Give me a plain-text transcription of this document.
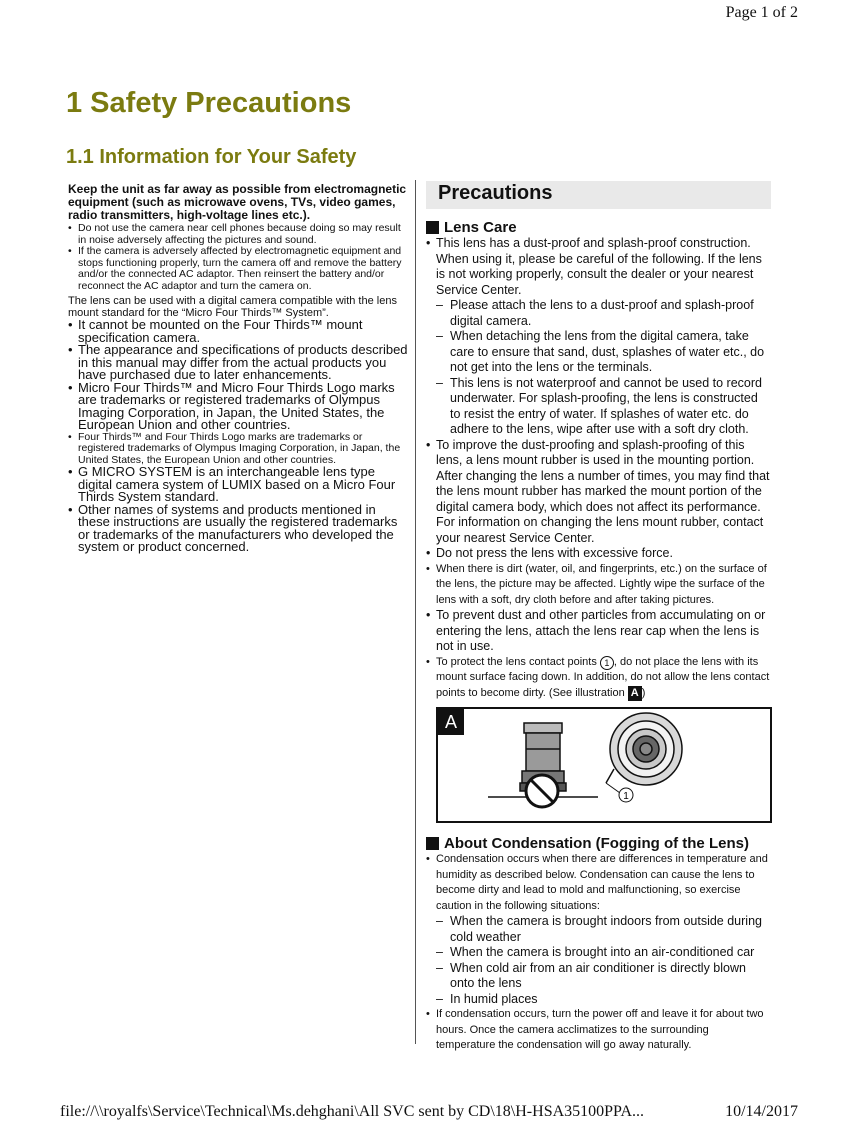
Page 1 of 2
1 Safety Precautions
1.1 Information for Your Safety
Keep the unit as far away as possible from electromagnetic equipment (such as microwave ovens, TVs, video games, radio transmitters, high-voltage lines etc.).
• Do not use the camera near cell phones because doing so may result in noise adversely affecting the pictures and sound.
• If the camera is adversely affected by electromagnetic equipment and stops functioning properly, turn the camera off and remove the battery and/or the connected AC adaptor. Then reinsert the battery and/or reconnect the AC adaptor and turn the camera on.
The lens can be used with a digital camera compatible with the lens mount standard for the “Micro Four Thirds™ System”.
• It cannot be mounted on the Four Thirds™ mount specification camera.
• The appearance and specifications of products described in this manual may differ from the actual products you have purchased due to later enhancements.
• Micro Four Thirds™ and Micro Four Thirds Logo marks are trademarks or registered trademarks of Olympus Imaging Corporation, in Japan, the United States, the European Union and other countries.
• Four Thirds™ and Four Thirds Logo marks are trademarks or registered trademarks of Olympus Imaging Corporation, in Japan, the United States, the European Union and other countries.
• G MICRO SYSTEM is an interchangeable lens type digital camera system of LUMIX based on a Micro Four Thirds System standard.
• Other names of systems and products mentioned in these instructions are usually the registered trademarks or trademarks of the manufacturers who developed the system or product concerned.
Precautions
Lens Care
• This lens has a dust-proof and splash-proof construction. When using it, please be careful of the following. If the lens is not working properly, consult the dealer or your nearest Service Center.
– Please attach the lens to a dust-proof and splash-proof digital camera.
– When detaching the lens from the digital camera, take care to ensure that sand, dust, splashes of water etc., do not get into the lens or the terminals.
– This lens is not waterproof and cannot be used to record underwater. For splash-proofing, the lens is constructed to resist the entry of water. If splashes of water etc. do adhere to the lens, wipe after use with a soft dry cloth.
• To improve the dust-proofing and splash-proofing of this lens, a lens mount rubber is used in the mounting portion. After changing the lens a number of times, you may find that the lens mount rubber has marked the mount portion of the digital camera body, which does not affect its performance. For information on changing the lens mount rubber, contact your nearest Service Center.
• Do not press the lens with excessive force.
• When there is dirt (water, oil, and fingerprints, etc.) on the surface of the lens, the picture may be affected. Lightly wipe the surface of the lens with a soft, dry cloth before and after taking pictures.
• To prevent dust and other particles from accumulating on or entering the lens, attach the lens rear cap when the lens is not in use.
• To protect the lens contact points 1 , do not place the lens with its mount surface facing down. In addition, do not allow the lens contact points to become dirty. (See illustration A )
A
1
About Condensation (Fogging of the Lens)
• Condensation occurs when there are differences in temperature and humidity as described below. Condensation can cause the lens to become dirty and lead to mold and malfunctioning, so exercise caution in the following situations:
– When the camera is brought indoors from outside during cold weather
– When the camera is brought into an air-conditioned car
– When cold air from an air conditioner is directly blown onto the lens
– In humid places
• If condensation occurs, turn the power off and leave it for about two hours. Once the camera acclimatizes to the surrounding temperature the condensation will go away naturally.
file://\\royalfs\Service\Technical\Ms.dehghani\All SVC sent by CD\18\H-HSA35100PPA...	10/14/2017
